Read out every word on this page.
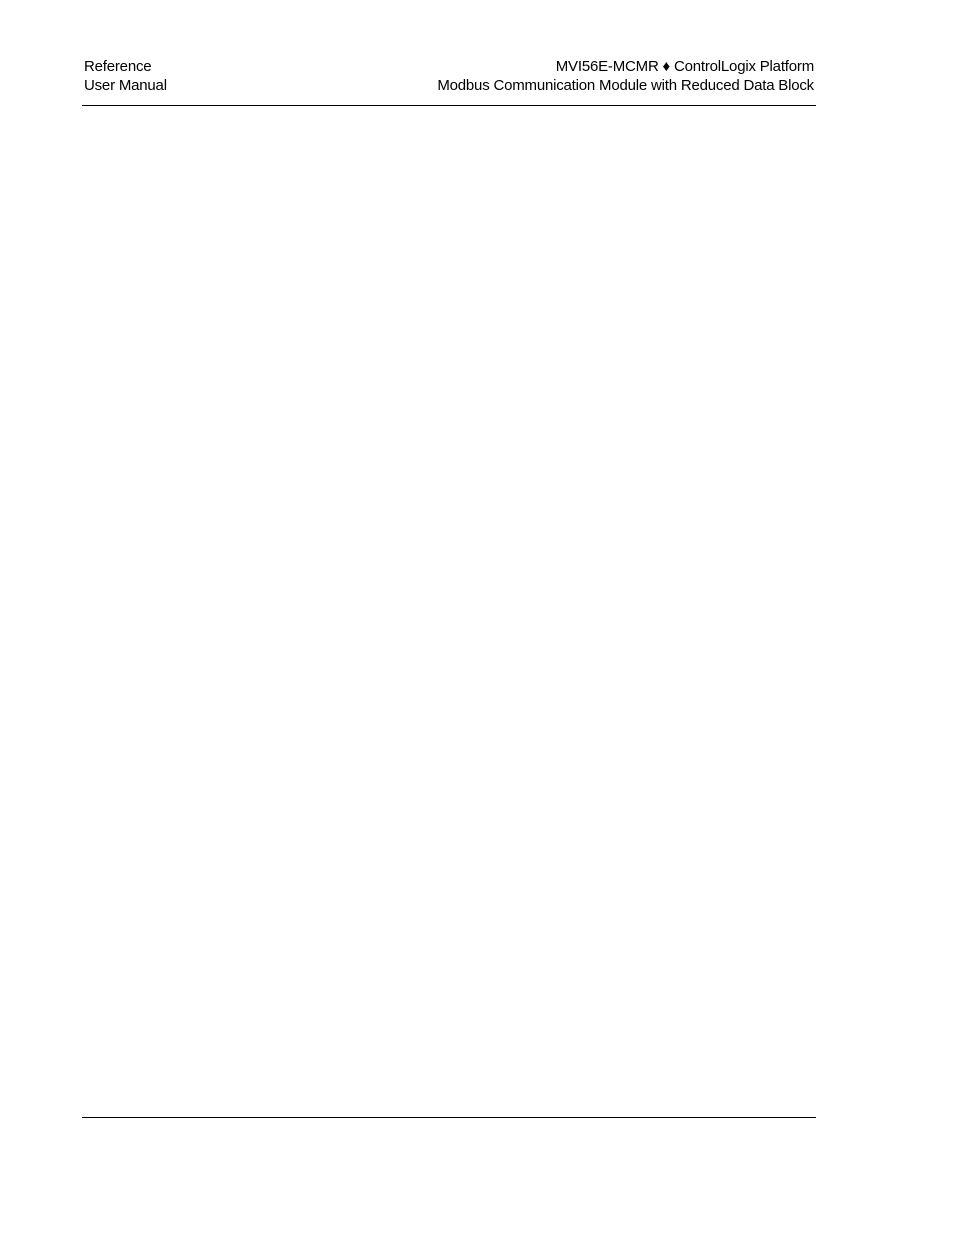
Reference
User Manual
MVI56E-MCMR ♦ ControlLogix Platform
Modbus Communication Module with Reduced Data Block
